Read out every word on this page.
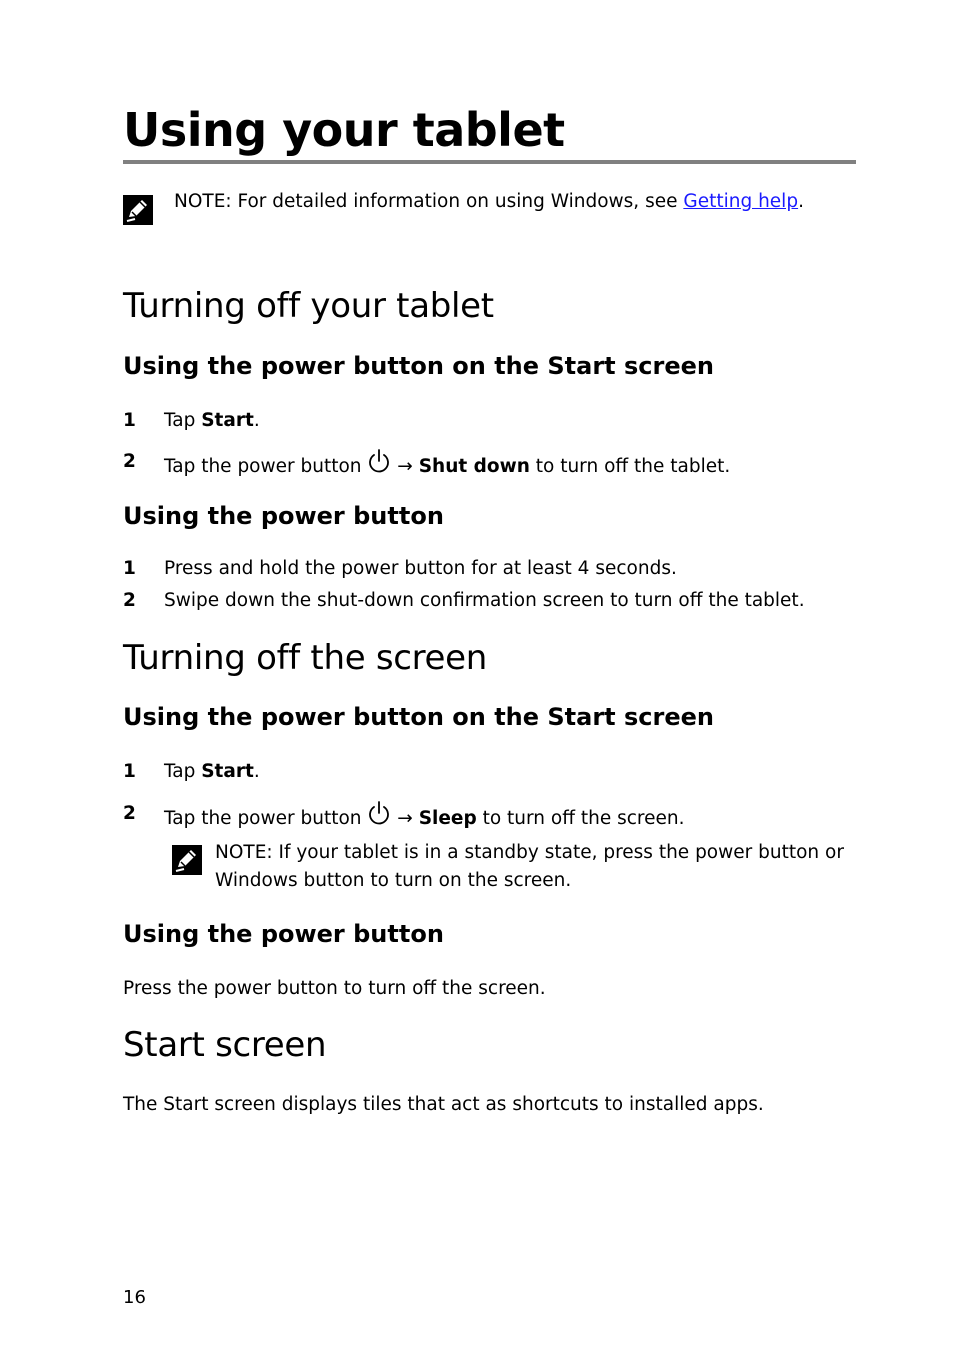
Using your tablet
NOTE: For detailed information on using Windows, see Getting help.
Turning off your tablet
Using the power button on the Start screen
1 Tap Start.
2 Tap the power button  → Shut down to turn off the tablet.
Using the power button
1 Press and hold the power button for at least 4 seconds.
2 Swipe down the shut-down confirmation screen to turn off the tablet.
Turning off the screen
Using the power button on the Start screen
1 Tap Start.
2 Tap the power button  → Sleep to turn off the screen.
NOTE: If your tablet is in a standby state, press the power button or
Windows button to turn on the screen.
Using the power button
Press the power button to turn off the screen.
Start screen
The Start screen displays tiles that act as shortcuts to installed apps.
16
